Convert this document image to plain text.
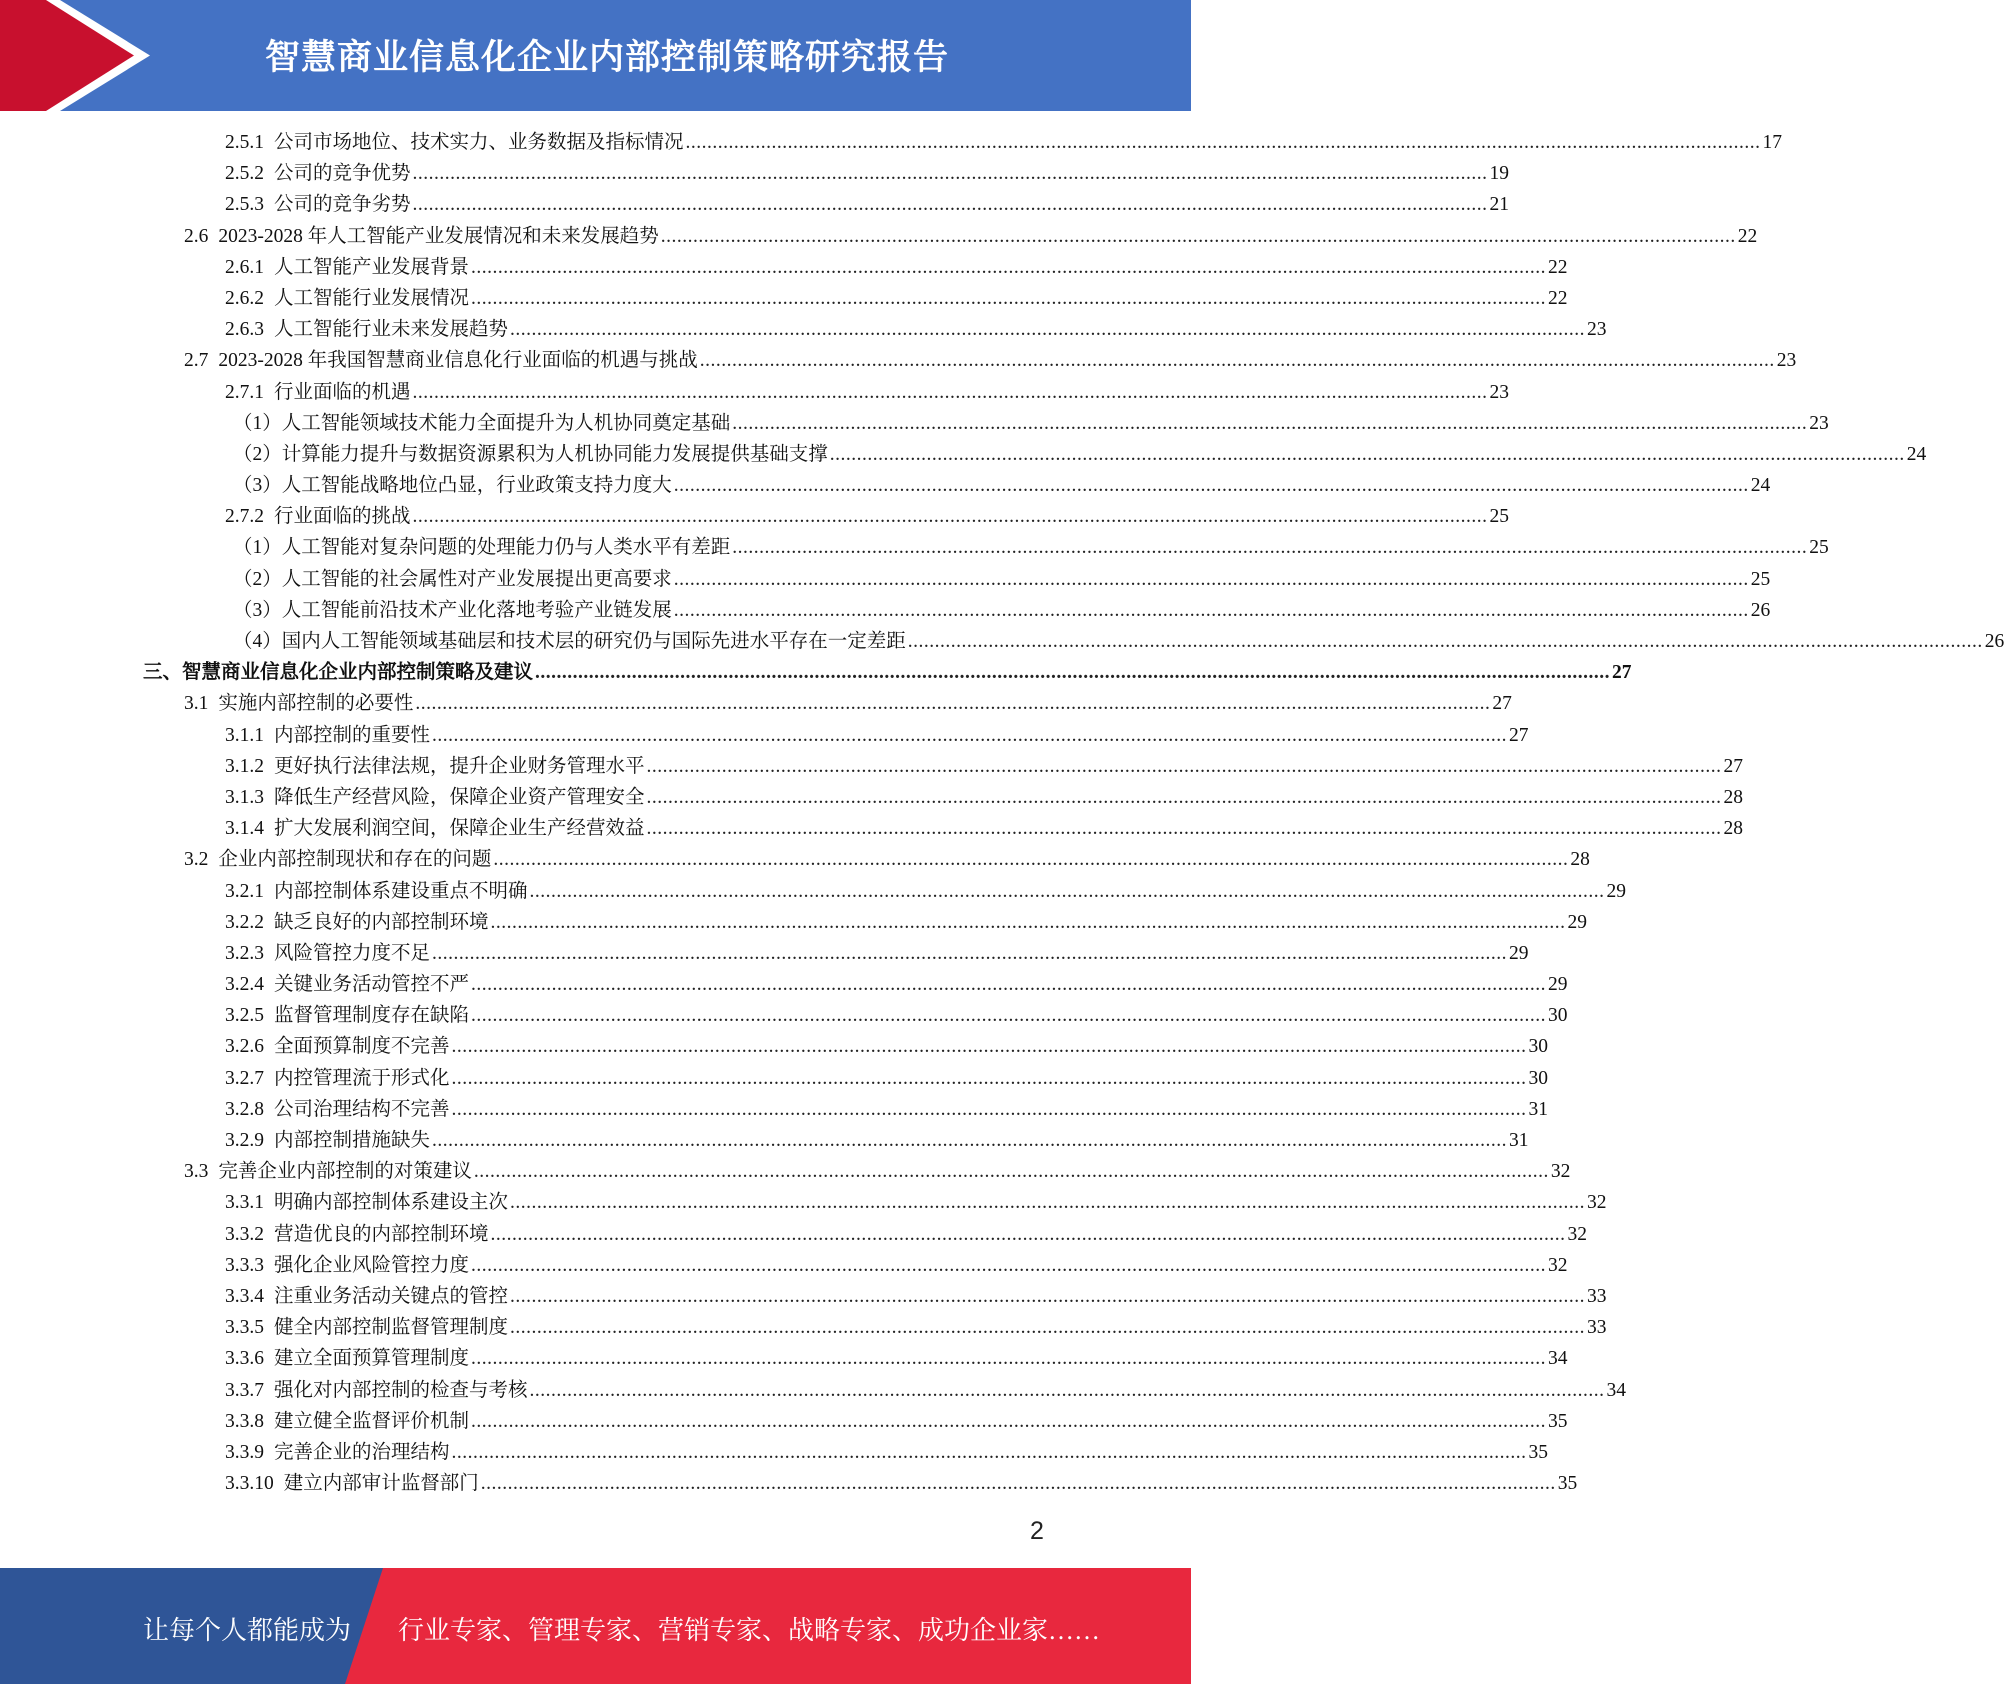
智慧商业信息化企业内部控制策略研究报告
2.5.1 公司市场地位、技术实力、业务数据及指标情况 ........................................................................................................................................................................................................ 17
2.5.2 公司的竞争优势 ........................................................................................................................................................................................................ 19
2.5.3 公司的竞争劣势 ........................................................................................................................................................................................................ 21
2.6 2023-2028 年人工智能产业发展情况和未来发展趋势 ........................................................................................................................................................................................................ 22
2.6.1 人工智能产业发展背景 ........................................................................................................................................................................................................ 22
2.6.2 人工智能行业发展情况 ........................................................................................................................................................................................................ 22
2.6.3 人工智能行业未来发展趋势 ........................................................................................................................................................................................................ 23
2.7 2023-2028 年我国智慧商业信息化行业面临的机遇与挑战 ........................................................................................................................................................................................................ 23
2.7.1 行业面临的机遇 ........................................................................................................................................................................................................ 23
（1） 人工智能领域技术能力全面提升为人机协同奠定基础 ........................................................................................................................................................................................................ 23
（2） 计算能力提升与数据资源累积为人机协同能力发展提供基础支撑 ........................................................................................................................................................................................................ 24
（3） 人工智能战略地位凸显，行业政策支持力度大 ........................................................................................................................................................................................................ 24
2.7.2 行业面临的挑战 ........................................................................................................................................................................................................ 25
（1） 人工智能对复杂问题的处理能力仍与人类水平有差距 ........................................................................................................................................................................................................ 25
（2） 人工智能的社会属性对产业发展提出更高要求 ........................................................................................................................................................................................................ 25
（3） 人工智能前沿技术产业化落地考验产业链发展 ........................................................................................................................................................................................................ 26
（4） 国内人工智能领域基础层和技术层的研究仍与国际先进水平存在一定差距 ........................................................................................................................................................................................................ 26
三、 智慧商业信息化企业内部控制策略及建议 ........................................................................................................................................................................................................ 27
3.1 实施内部控制的必要性 ........................................................................................................................................................................................................ 27
3.1.1 内部控制的重要性 ........................................................................................................................................................................................................ 27
3.1.2 更好执行法律法规，提升企业财务管理水平 ........................................................................................................................................................................................................ 27
3.1.3 降低生产经营风险，保障企业资产管理安全 ........................................................................................................................................................................................................ 28
3.1.4 扩大发展利润空间，保障企业生产经营效益 ........................................................................................................................................................................................................ 28
3.2 企业内部控制现状和存在的问题 ........................................................................................................................................................................................................ 28
3.2.1 内部控制体系建设重点不明确 ........................................................................................................................................................................................................ 29
3.2.2 缺乏良好的内部控制环境 ........................................................................................................................................................................................................ 29
3.2.3 风险管控力度不足 ........................................................................................................................................................................................................ 29
3.2.4 关键业务活动管控不严 ........................................................................................................................................................................................................ 29
3.2.5 监督管理制度存在缺陷 ........................................................................................................................................................................................................ 30
3.2.6 全面预算制度不完善 ........................................................................................................................................................................................................ 30
3.2.7 内控管理流于形式化 ........................................................................................................................................................................................................ 30
3.2.8 公司治理结构不完善 ........................................................................................................................................................................................................ 31
3.2.9 内部控制措施缺失 ........................................................................................................................................................................................................ 31
3.3 完善企业内部控制的对策建议 ........................................................................................................................................................................................................ 32
3.3.1 明确内部控制体系建设主次 ........................................................................................................................................................................................................ 32
3.3.2 营造优良的内部控制环境 ........................................................................................................................................................................................................ 32
3.3.3 强化企业风险管控力度 ........................................................................................................................................................................................................ 32
3.3.4 注重业务活动关键点的管控 ........................................................................................................................................................................................................ 33
3.3.5 健全内部控制监督管理制度 ........................................................................................................................................................................................................ 33
3.3.6 建立全面预算管理制度 ........................................................................................................................................................................................................ 34
3.3.7 强化对内部控制的检查与考核 ........................................................................................................................................................................................................ 34
3.3.8 建立健全监督评价机制 ........................................................................................................................................................................................................ 35
3.3.9 完善企业的治理结构 ........................................................................................................................................................................................................ 35
3.3.10 建立内部审计监督部门 ........................................................................................................................................................................................................ 35
2
让每个人都能成为 行业专家、管理专家、营销专家、战略专家、成功企业家……
